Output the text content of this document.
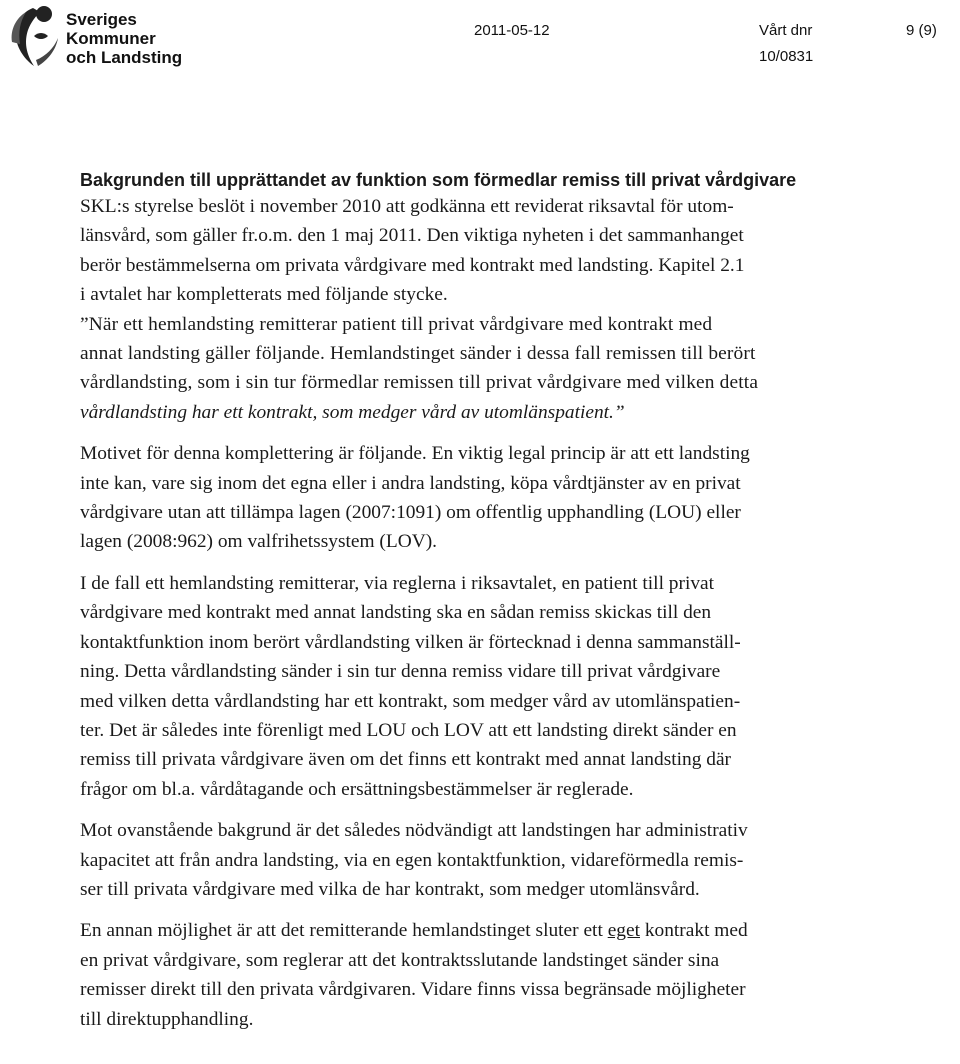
Sveriges
Kommuner
och Landsting
2011-05-12	Vårt dnr
10/0831
9 (9)

Bakgrunden till upprättandet av funktion som förmedlar remiss till privat vårdgivare

SKL:s styrelse beslöt i november 2010 att godkänna ett reviderat riksavtal för utom-
länsvård, som gäller fr.o.m. den 1 maj 2011. Den viktiga nyheten i det sammanhanget
berör bestämmelserna om privata vårdgivare med kontrakt med landsting. Kapitel 2.1
i avtalet har kompletterats med följande stycke.
”När ett hemlandsting remitterar patient till privat vårdgivare med kontrakt med
annat landsting gäller följande. Hemlandstinget sänder i dessa fall remissen till berört
vårdlandsting, som i sin tur förmedlar remissen till privat vårdgivare med vilken detta
vårdlandsting har ett kontrakt, som medger vård av utomlänspatient.”
Motivet för denna komplettering är följande. En viktig legal princip är att ett landsting
inte kan, vare sig inom det egna eller i andra landsting, köpa vårdtjänster av en privat
vårdgivare utan att tillämpa lagen (2007:1091) om offentlig upphandling (LOU) eller
lagen (2008:962) om valfrihetssystem (LOV).
I de fall ett hemlandsting remitterar, via reglerna i riksavtalet, en patient till privat
vårdgivare med kontrakt med annat landsting ska en sådan remiss skickas till den
kontaktfunktion inom berört vårdlandsting vilken är förtecknad i denna sammanställ-
ning. Detta vårdlandsting sänder i sin tur denna remiss vidare till privat vårdgivare
med vilken detta vårdlandsting har ett kontrakt, som medger vård av utomlänspatien-
ter. Det är således inte förenligt med LOU och LOV att ett landsting direkt sänder en
remiss till privata vårdgivare även om det finns ett kontrakt med annat landsting där
frågor om bl.a. vårdåtagande och ersättningsbestämmelser är reglerade.
Mot ovanstående bakgrund är det således nödvändigt att landstingen har administrativ
kapacitet att från andra landsting, via en egen kontaktfunktion, vidareförmedla remis-
ser till privata vårdgivare med vilka de har kontrakt, som medger utomlänsvård.
En annan möjlighet är att det remitterande hemlandstinget sluter ett eget kontrakt med
en privat vårdgivare, som reglerar att det kontraktsslutande landstinget sänder sina
remisser direkt till den privata vårdgivaren. Vidare finns vissa begränsade möjligheter
till direktupphandling.
